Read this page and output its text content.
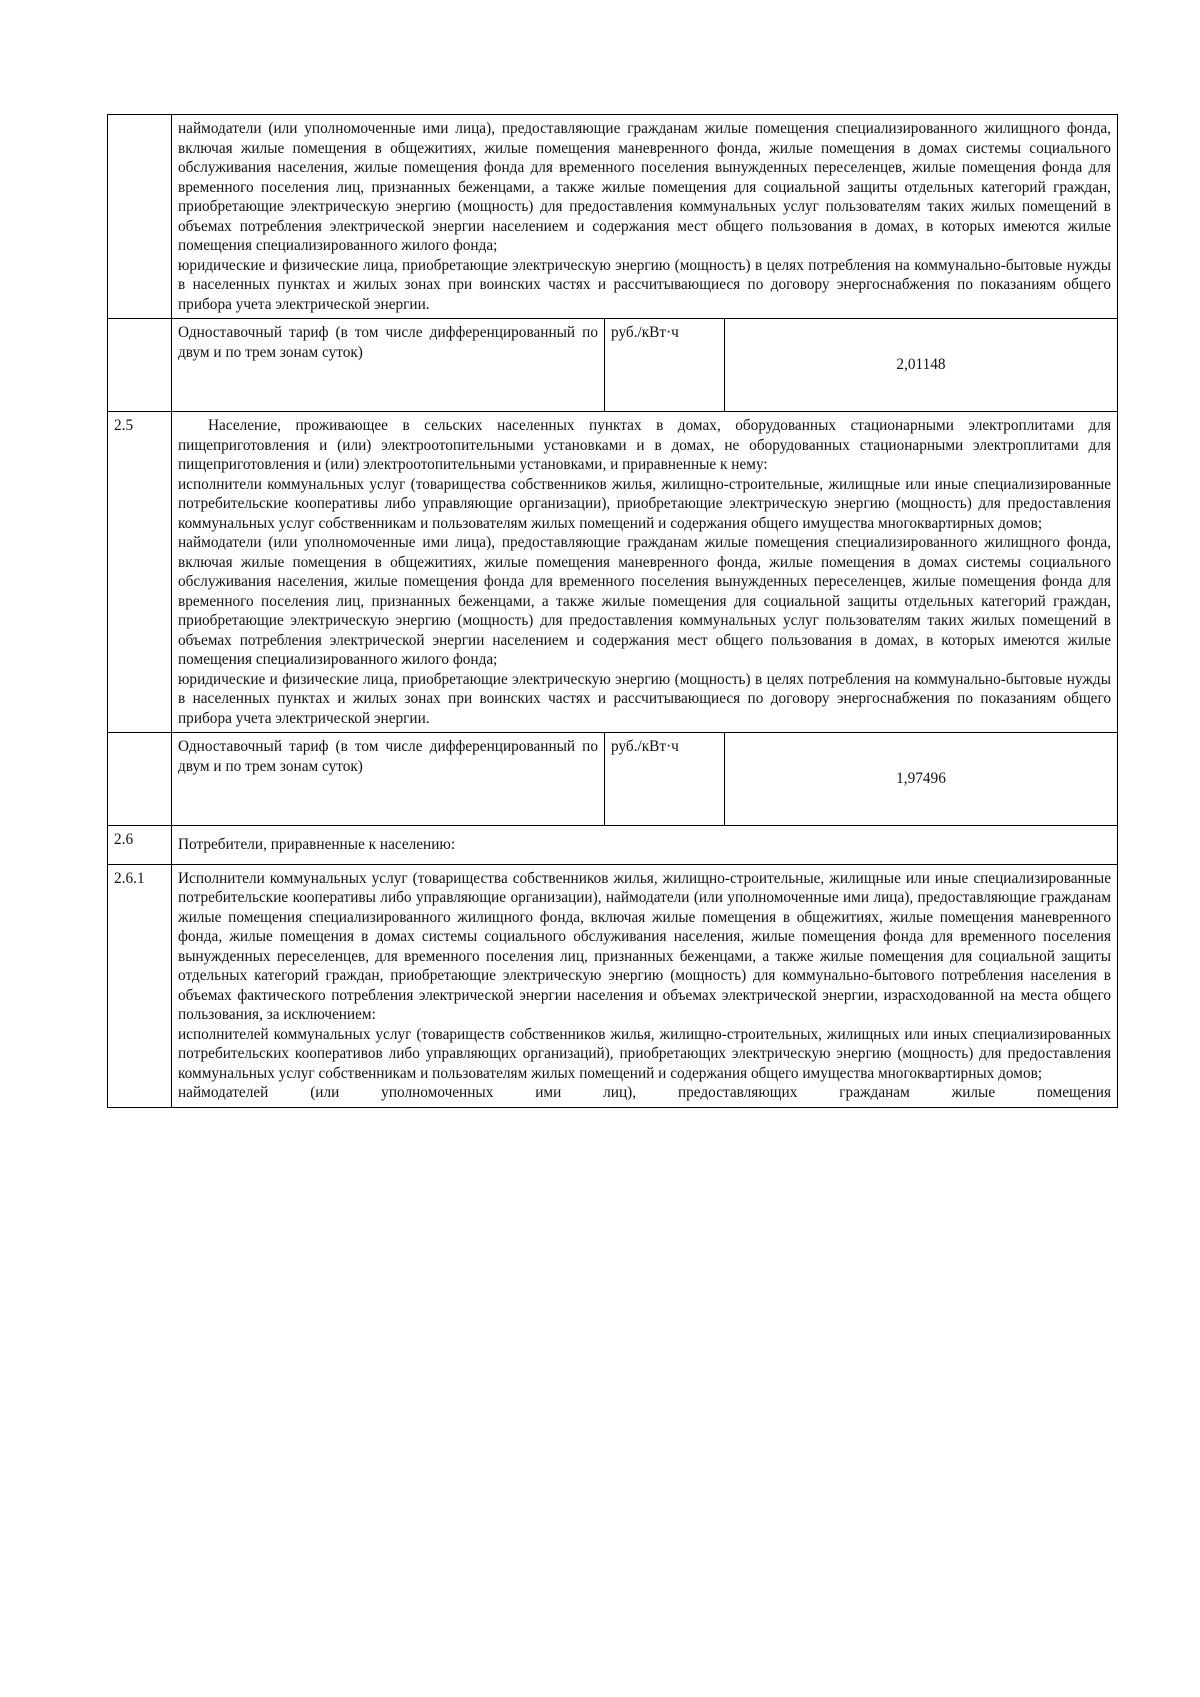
	наймодатели (или уполномоченные ими лица), предоставляющие гражданам жилые помещения специализированного жилищного фонда, включая жилые помещения в общежитиях, жилые помещения маневренного фонда, жилые помещения в домах системы социального обслуживания населения, жилые помещения фонда для временного поселения вынужденных переселенцев, жилые помещения фонда для временного поселения лиц, признанных беженцами, а также жилые помещения для социальной защиты отдельных категорий граждан, приобретающие электрическую энергию (мощность) для предоставления коммунальных услуг пользователям таких жилых помещений в объемах потребления электрической энергии населением и содержания мест общего пользования в домах, в которых имеются жилые помещения специализированного жилого фонда;

юридические и физические лица, приобретающие электрическую энергию (мощность) в целях потребления на коммунально-бытовые нужды в населенных пунктах и жилых зонах при воинских частях и рассчитывающиеся по договору энергоснабжения по показаниям общего прибора учета электрической энергии.		

	Одноставочный тариф (в том числе дифференцированный по двум и по трем зонам суток)	руб./кВт·ч	2,01148
2.5	Население, проживающее в сельских населенных пунктах в домах, оборудованных стационарными электроплитами для пищеприготовления и (или) электроотопительными установками и в домах, не оборудованных стационарными электроплитами для пищеприготовления и (или) электроотопительными установками, и приравненные к нему:

исполнители коммунальных услуг (товарищества собственников жилья, жилищно-строительные, жилищные или иные специализированные потребительские кооперативы либо управляющие организации), приобретающие электрическую энергию (мощность) для предоставления коммунальных услуг собственникам и пользователям жилых помещений и содержания общего имущества многоквартирных домов;

наймодатели (или уполномоченные ими лица), предоставляющие гражданам жилые помещения специализированного жилищного фонда, включая жилые помещения в общежитиях, жилые помещения маневренного фонда, жилые помещения в домах системы социального обслуживания населения, жилые помещения фонда для временного поселения вынужденных переселенцев, жилые помещения фонда для временного поселения лиц, признанных беженцами, а также жилые помещения для социальной защиты отдельных категорий граждан, приобретающие электрическую энергию (мощность) для предоставления коммунальных услуг пользователям таких жилых помещений в объемах потребления электрической энергии населением и содержания мест общего пользования в домах, в которых имеются жилые помещения специализированного жилого фонда;

юридические и физические лица, приобретающие электрическую энергию (мощность) в целях потребления на коммунально-бытовые нужды в населенных пунктах и жилых зонах при воинских частях и рассчитывающиеся по договору энергоснабжения по показаниям общего прибора учета электрической энергии.		

	Одноставочный тариф (в том числе дифференцированный по двум и по трем зонам суток)	руб./кВт·ч	1,97496
2.6	Потребители, приравненные к населению:		
2.6.1	Исполнители коммунальных услуг (товарищества собственников жилья, жилищно-строительные, жилищные или иные специализированные потребительские кооперативы либо управляющие организации), наймодатели (или уполномоченные ими лица), предоставляющие гражданам жилые помещения специализированного жилищного фонда, включая жилые помещения в общежитиях, жилые помещения маневренного фонда, жилые помещения в домах системы социального обслуживания населения, жилые помещения фонда для временного поселения вынужденных переселенцев, для временного поселения лиц, признанных беженцами, а также жилые помещения для социальной защиты отдельных категорий граждан, приобретающие электрическую энергию (мощность) для коммунально-бытового потребления населения в объемах фактического потребления электрической энергии населения и объемах электрической энергии, израсходованной на места общего пользования, за исключением:

исполнителей коммунальных услуг (товариществ собственников жилья, жилищно-строительных, жилищных или иных специализированных потребительских кооперативов либо управляющих организаций), приобретающих электрическую энергию (мощность) для предоставления коммунальных услуг собственникам и пользователям жилых помещений и содержания общего имущества многоквартирных домов;

наймодателей (или уполномоченных ими лиц), предоставляющих гражданам жилые помещения		
